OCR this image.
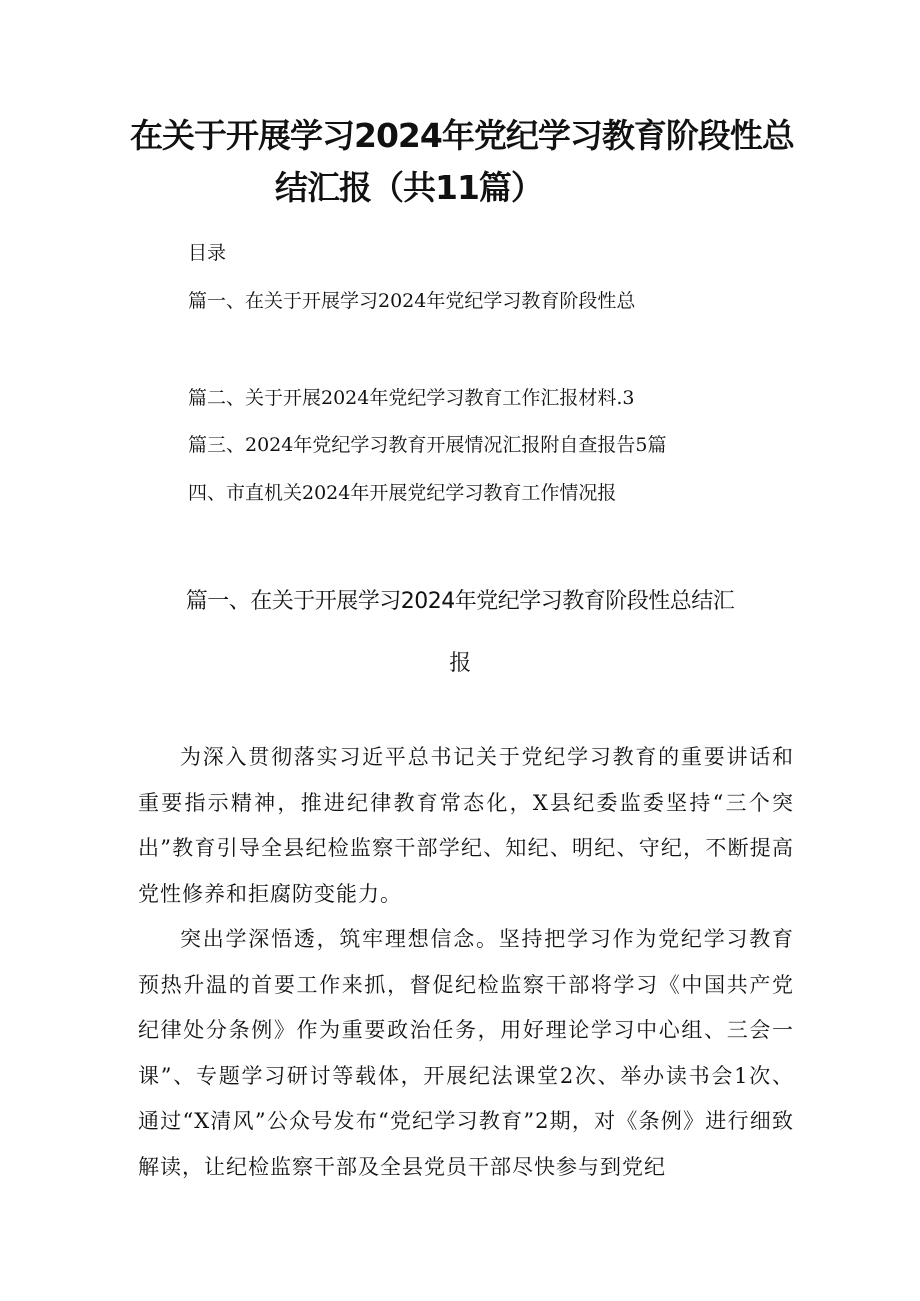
在关于开展学习2024年党纪学习教育阶段性总
结汇报（共11篇）

目录

篇一、在关于开展学习2024年党纪学习教育阶段性总

篇二、关于开展2024年党纪学习教育工作汇报材料.3

篇三、2024年党纪学习教育开展情况汇报附自查报告5篇

四、市直机关2024年开展党纪学习教育工作情况报

篇一、在关于开展学习2024年党纪学习教育阶段性总结汇

报

为深入贯彻落实习近平总书记关于党纪学习教育的重要讲话和重要指示精神，推进纪律教育常态化，X县纪委监委坚持“三个突出”教育引导全县纪检监察干部学纪、知纪、明纪、守纪，不断提高党性修养和拒腐防变能力。

突出学深悟透，筑牢理想信念。坚持把学习作为党纪学习教育预热升温的首要工作来抓，督促纪检监察干部将学习《中国共产党纪律处分条例》作为重要政治任务，用好理论学习中心组、三会一课”、专题学习研讨等载体，开展纪法课堂2次、举办读书会1次、通过“X清风”公众号发布“党纪学习教育”2期，对《条例》进行细致解读，让纪检监察干部及全县党员干部尽快参与到党纪
